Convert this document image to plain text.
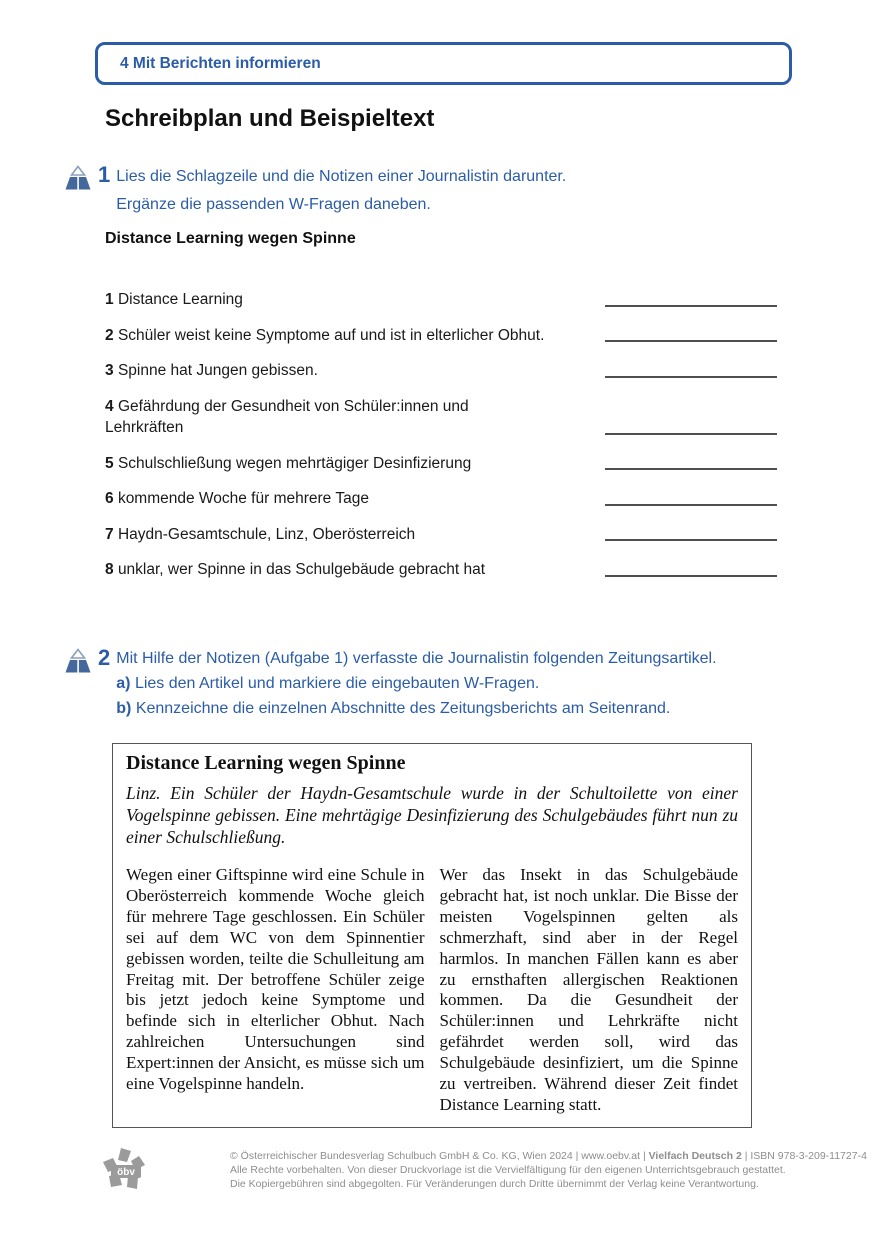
4 Mit Berichten informieren
Schreibplan und Beispieltext
1 Lies die Schlagzeile und die Notizen einer Journalistin darunter.
Ergänze die passenden W-Fragen daneben.
Distance Learning wegen Spinne
1 Distance Learning
2 Schüler weist keine Symptome auf und ist in elterlicher Obhut.
3 Spinne hat Jungen gebissen.
4 Gefährdung der Gesundheit von Schüler:innen und Lehrkräften
5 Schulschließung wegen mehrtägiger Desinfizierung
6 kommende Woche für mehrere Tage
7 Haydn-Gesamtschule, Linz, Oberösterreich
8 unklar, wer Spinne in das Schulgebäude gebracht hat
2 Mit Hilfe der Notizen (Aufgabe 1) verfasste die Journalistin folgenden Zeitungsartikel.
a) Lies den Artikel und markiere die eingebauten W-Fragen.
b) Kennzeichne die einzelnen Abschnitte des Zeitungsberichts am Seitenrand.
Distance Learning wegen Spinne
Linz. Ein Schüler der Haydn-Gesamtschule wurde in der Schultoilette von einer Vogelspinne gebissen. Eine mehrtägige Desinfizierung des Schulgebäudes führt nun zu einer Schulschließung.
Wegen einer Giftspinne wird eine Schule in Oberösterreich kommende Woche gleich für mehrere Tage geschlossen. Ein Schüler sei auf dem WC von dem Spinnentier gebissen worden, teilte die Schulleitung am Freitag mit. Der betroffene Schüler zeige bis jetzt jedoch keine Symptome und befinde sich in elterlicher Obhut. Nach zahlreichen Untersuchungen sind Expert:innen der Ansicht, es müsse sich um eine Vogelspinne handeln.
Wer das Insekt in das Schulgebäude gebracht hat, ist noch unklar. Die Bisse der meisten Vogelspinnen gelten als schmerzhaft, sind aber in der Regel harmlos. In manchen Fällen kann es aber zu ernsthaften allergischen Reaktionen kommen. Da die Gesundheit der Schüler:innen und Lehrkräfte nicht gefährdet werden soll, wird das Schulgebäude desinfiziert, um die Spinne zu vertreiben. Während dieser Zeit findet Distance Learning statt.
öbv
© Österreichischer Bundesverlag Schulbuch GmbH & Co. KG, Wien 2024 | www.oebv.at | Vielfach Deutsch 2 | ISBN 978-3-209-11727-4
Alle Rechte vorbehalten. Von dieser Druckvorlage ist die Vervielfältigung für den eigenen Unterrichtsgebrauch gestattet.
Die Kopiergebühren sind abgegolten. Für Veränderungen durch Dritte übernimmt der Verlag keine Verantwortung.
